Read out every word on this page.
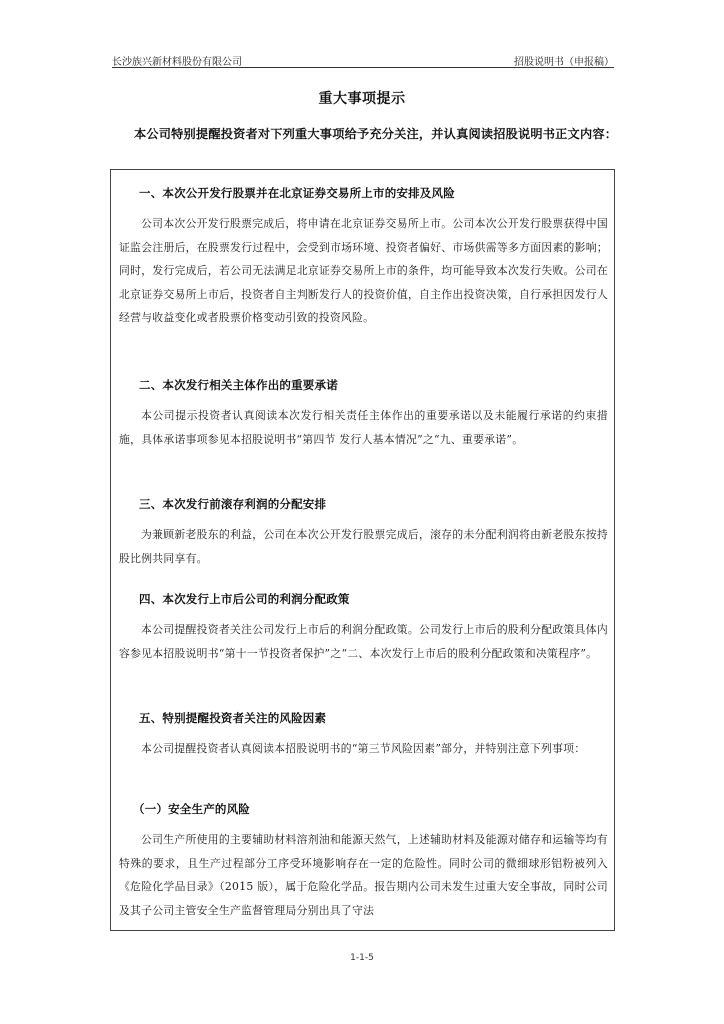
长沙族兴新材料股份有限公司	招股说明书（申报稿）
重大事项提示
本公司特别提醒投资者对下列重大事项给予充分关注，并认真阅读招股说明书正文内容：
一、本次公开发行股票并在北京证券交易所上市的安排及风险
公司本次公开发行股票完成后，将申请在北京证券交易所上市。公司本次公开发行股票获得中国证监会注册后，在股票发行过程中，会受到市场环境、投资者偏好、市场供需等多方面因素的影响；同时，发行完成后，若公司无法满足北京证券交易所上市的条件，均可能导致本次发行失败。公司在北京证券交易所上市后，投资者自主判断发行人的投资价值，自主作出投资决策，自行承担因发行人经营与收益变化或者股票价格变动引致的投资风险。
二、本次发行相关主体作出的重要承诺
本公司提示投资者认真阅读本次发行相关责任主体作出的重要承诺以及未能履行承诺的约束措施，具体承诺事项参见本招股说明书“第四节 发行人基本情况”之“九、重要承诺”。
三、本次发行前滚存利润的分配安排
为兼顾新老股东的利益，公司在本次公开发行股票完成后，滚存的未分配利润将由新老股东按持股比例共同享有。
四、本次发行上市后公司的利润分配政策
本公司提醒投资者关注公司发行上市后的利润分配政策。公司发行上市后的股利分配政策具体内容参见本招股说明书“第十一节投资者保护”之“二、本次发行上市后的股利分配政策和决策程序”。
五、特别提醒投资者关注的风险因素
本公司提醒投资者认真阅读本招股说明书的“第三节风险因素”部分，并特别注意下列事项：
（一）安全生产的风险
公司生产所使用的主要辅助材料溶剂油和能源天然气，上述辅助材料及能源对储存和运输等均有特殊的要求，且生产过程部分工序受环境影响存在一定的危险性。同时公司的微细球形铝粉被列入《危险化学品目录》（2015 版），属于危险化学品。报告期内公司未发生过重大安全事故，同时公司及其子公司主管安全生产监督管理局分别出具了守法
1-1-5
